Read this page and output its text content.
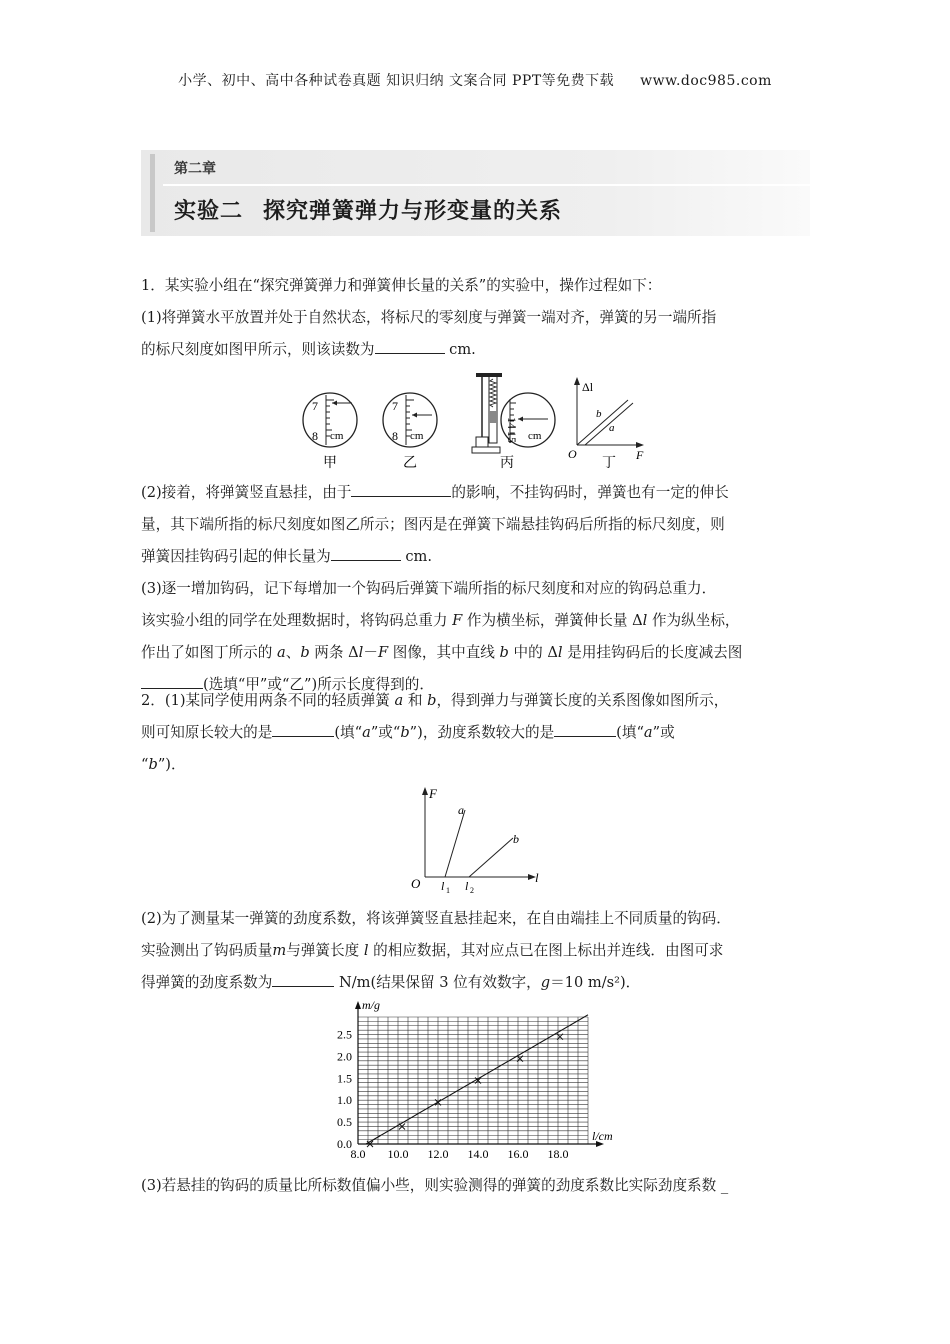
小学、初中、高中各种试卷真题 知识归纳 文案合同 PPT等免费下载 www.doc985.com
第二章
实验二 探究弹簧弹力与形变量的关系

1．某实验小组在“探究弹簧弹力和弹簧伸长量的关系”的实验中，操作过程如下：

(1)将弹簧水平放置并处于自然状态，将标尺的零刻度与弹簧一端对齐，弹簧的另一端所指

的标尺刻度如图甲所示，则该读数为	cm.

7
8 cm
甲
7
8 cm
乙
14
15 cm
丙
Δl
F
O
b
a
丁

(2)接着，将弹簧竖直悬挂，由于	的影响，不挂钩码时，弹簧也有一定的伸长

量，其下端所指的标尺刻度如图乙所示；图丙是在弹簧下端悬挂钩码后所指的标尺刻度，则

弹簧因挂钩码引起的伸长量为	cm.

(3)逐一增加钩码，记下每增加一个钩码后弹簧下端所指的标尺刻度和对应的钩码总重力．

该实验小组的同学在处理数据时，将钩码总重力 F 作为横坐标，弹簧伸长量 Δl 作为纵坐标，

作出了如图丁所示的 a、b 两条 Δl－F 图像，其中直线 b 中的 Δl 是用挂钩码后的长度减去图

(选填“甲”或“乙”)所示长度得到的．

2．(1)某同学使用两条不同的轻质弹簧 a 和 b，得到弹力与弹簧长度的关系图像如图所示，

则可知原长较大的是	(填“a”或“b”)，劲度系数较大的是	(填“a”或

“b”)．

F
l
O
a
b
l 1 l 2

(2)为了测量某一弹簧的劲度系数，将该弹簧竖直悬挂起来，在自由端挂上不同质量的钩码．

实验测出了钩码质量m与弹簧长度 l 的相应数据，其对应点已在图上标出并连线．由图可求

得弹簧的劲度系数为	N/m(结果保留 3 位有效数字，g＝10 m/s²)．

m/g
l/cm
8.0 10.0 12.0 14.0 16.0 18.0
0.0
0.5
1.0
1.5
2.0
2.5

(3)若悬挂的钩码的质量比所标数值偏小些，则实验测得的弹簧的劲度系数比实际劲度系数 _
